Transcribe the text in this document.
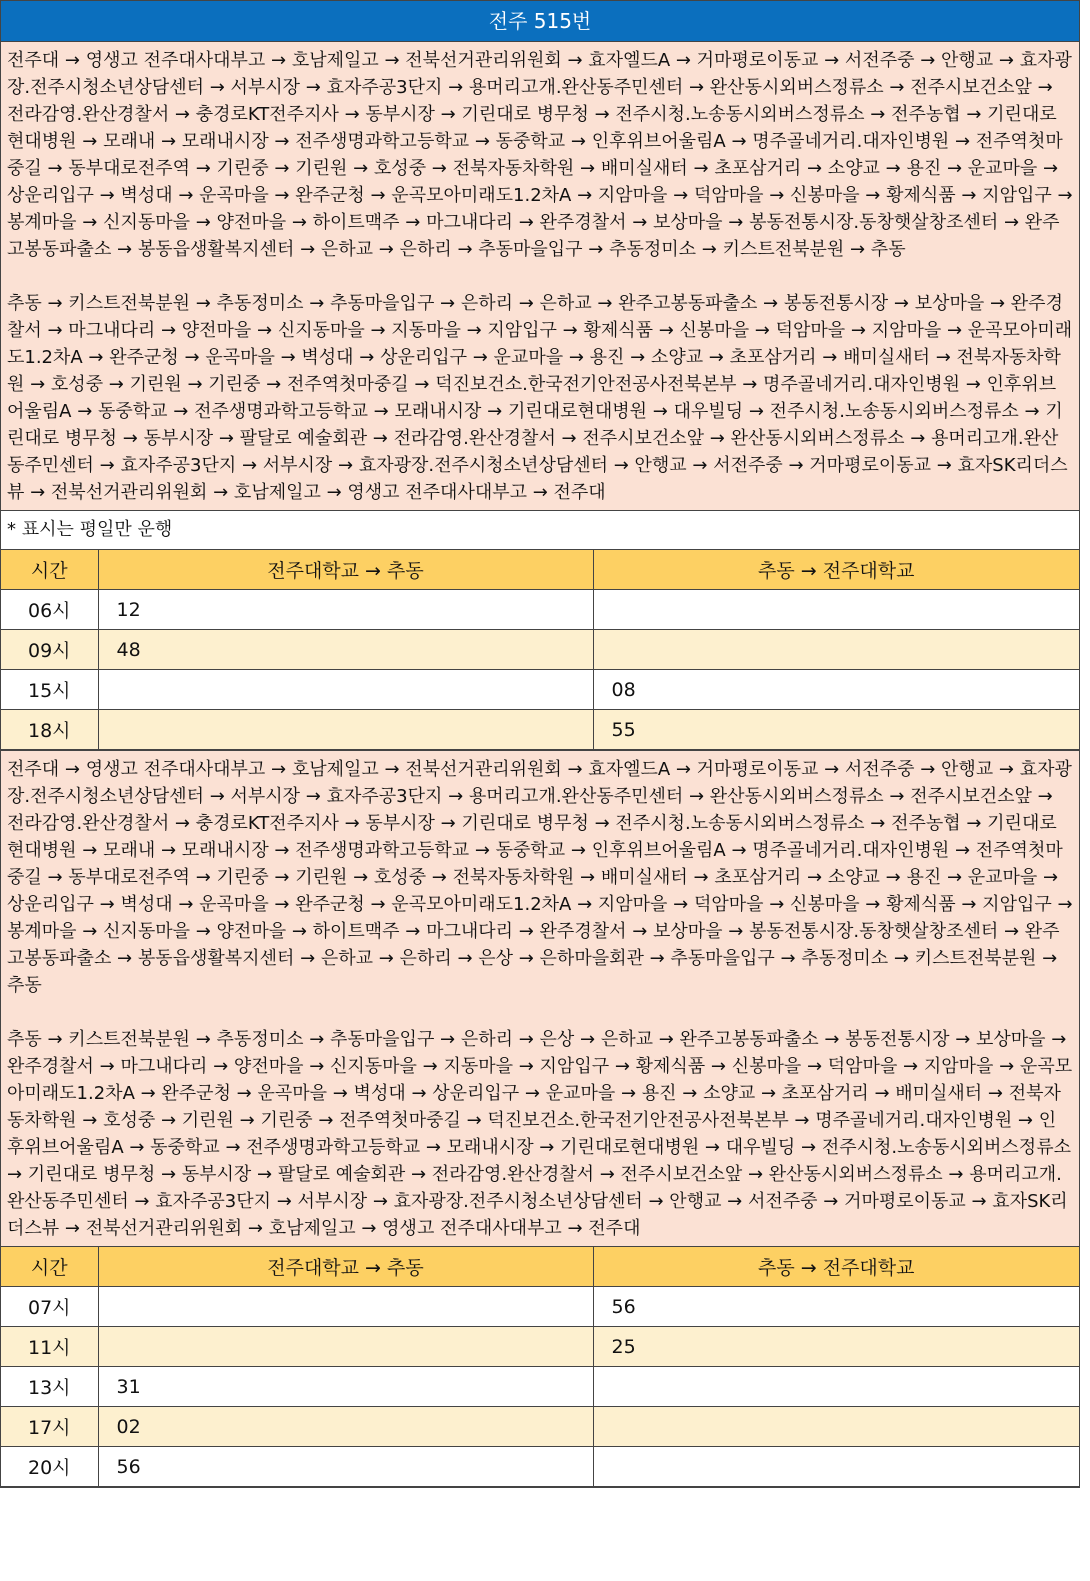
전주 515번

전주대 → 영생고 전주대사대부고 → 호남제일고 → 전북선거관리위원회 → 효자엘드A → 거마평로이동교 → 서전주중 → 안행교 → 효자광장.전주시청소년상담센터 → 서부시장 → 효자주공3단지 → 용머리고개.완산동주민센터 → 완산동시외버스정류소 → 전주시보건소앞 → 전라감영.완산경찰서 → 충경로KT전주지사 → 동부시장 → 기린대로 병무청 → 전주시청.노송동시외버스정류소 → 전주농협 → 기린대로현대병원 → 모래내 → 모래내시장 → 전주생명과학고등학교 → 동중학교 → 인후위브어울림A → 명주골네거리.대자인병원 → 전주역첫마중길 → 동부대로전주역 → 기린중 → 기린원 → 호성중 → 전북자동차학원 → 배미실새터 → 초포삼거리 → 소양교 → 용진 → 운교마을 → 상운리입구 → 벽성대 → 운곡마을 → 완주군청 → 운곡모아미래도1.2차A → 지암마을 → 덕암마을 → 신봉마을 → 황제식품 → 지암입구 → 봉계마을 → 신지동마을 → 양전마을 → 하이트맥주 → 마그내다리 → 완주경찰서 → 보상마을 → 봉동전통시장.동창햇살창조센터 → 완주고봉동파출소 → 봉동읍생활복지센터 → 은하교 → 은하리 → 추동마을입구 → 추동정미소 → 키스트전북분원 → 추동

추동 → 키스트전북분원 → 추동정미소 → 추동마을입구 → 은하리 → 은하교 → 완주고봉동파출소 → 봉동전통시장 → 보상마을 → 완주경찰서 → 마그내다리 → 양전마을 → 신지동마을 → 지동마을 → 지암입구 → 황제식품 → 신봉마을 → 덕암마을 → 지암마을 → 운곡모아미래도1.2차A → 완주군청 → 운곡마을 → 벽성대 → 상운리입구 → 운교마을 → 용진 → 소양교 → 초포삼거리 → 배미실새터 → 전북자동차학원 → 호성중 → 기린원 → 기린중 → 전주역첫마중길 → 덕진보건소.한국전기안전공사전북본부 → 명주골네거리.대자인병원 → 인후위브어울림A → 동중학교 → 전주생명과학고등학교 → 모래내시장 → 기린대로현대병원 → 대우빌딩 → 전주시청.노송동시외버스정류소 → 기린대로 병무청 → 동부시장 → 팔달로 예술회관 → 전라감영.완산경찰서 → 전주시보건소앞 → 완산동시외버스정류소 → 용머리고개.완산동주민센터 → 효자주공3단지 → 서부시장 → 효자광장.전주시청소년상담센터 → 안행교 → 서전주중 → 거마평로이동교 → 효자SK리더스뷰 → 전북선거관리위원회 → 호남제일고 → 영생고 전주대사대부고 → 전주대

* 표시는 평일만 운행
시간	전주대학교 → 추동	추동 → 전주대학교
06시	12	
09시	48	
15시		08
18시		55

전주대 → 영생고 전주대사대부고 → 호남제일고 → 전북선거관리위원회 → 효자엘드A → 거마평로이동교 → 서전주중 → 안행교 → 효자광장.전주시청소년상담센터 → 서부시장 → 효자주공3단지 → 용머리고개.완산동주민센터 → 완산동시외버스정류소 → 전주시보건소앞 → 전라감영.완산경찰서 → 충경로KT전주지사 → 동부시장 → 기린대로 병무청 → 전주시청.노송동시외버스정류소 → 전주농협 → 기린대로현대병원 → 모래내 → 모래내시장 → 전주생명과학고등학교 → 동중학교 → 인후위브어울림A → 명주골네거리.대자인병원 → 전주역첫마중길 → 동부대로전주역 → 기린중 → 기린원 → 호성중 → 전북자동차학원 → 배미실새터 → 초포삼거리 → 소양교 → 용진 → 운교마을 → 상운리입구 → 벽성대 → 운곡마을 → 완주군청 → 운곡모아미래도1.2차A → 지암마을 → 덕암마을 → 신봉마을 → 황제식품 → 지암입구 → 봉계마을 → 신지동마을 → 양전마을 → 하이트맥주 → 마그내다리 → 완주경찰서 → 보상마을 → 봉동전통시장.동창햇살창조센터 → 완주고봉동파출소 → 봉동읍생활복지센터 → 은하교 → 은하리 → 은상 → 은하마을회관 → 추동마을입구 → 추동정미소 → 키스트전북분원 → 추동

추동 → 키스트전북분원 → 추동정미소 → 추동마을입구 → 은하리 → 은상 → 은하교 → 완주고봉동파출소 → 봉동전통시장 → 보상마을 → 완주경찰서 → 마그내다리 → 양전마을 → 신지동마을 → 지동마을 → 지암입구 → 황제식품 → 신봉마을 → 덕암마을 → 지암마을 → 운곡모아미래도1.2차A → 완주군청 → 운곡마을 → 벽성대 → 상운리입구 → 운교마을 → 용진 → 소양교 → 초포삼거리 → 배미실새터 → 전북자동차학원 → 호성중 → 기린원 → 기린중 → 전주역첫마중길 → 덕진보건소.한국전기안전공사전북본부 → 명주골네거리.대자인병원 → 인후위브어울림A → 동중학교 → 전주생명과학고등학교 → 모래내시장 → 기린대로현대병원 → 대우빌딩 → 전주시청.노송동시외버스정류소 → 기린대로 병무청 → 동부시장 → 팔달로 예술회관 → 전라감영.완산경찰서 → 전주시보건소앞 → 완산동시외버스정류소 → 용머리고개.완산동주민센터 → 효자주공3단지 → 서부시장 → 효자광장.전주시청소년상담센터 → 안행교 → 서전주중 → 거마평로이동교 → 효자SK리더스뷰 → 전북선거관리위원회 → 호남제일고 → 영생고 전주대사대부고 → 전주대

시간	전주대학교 → 추동	추동 → 전주대학교
07시		56
11시		25
13시	31	
17시	02	
20시	56	
